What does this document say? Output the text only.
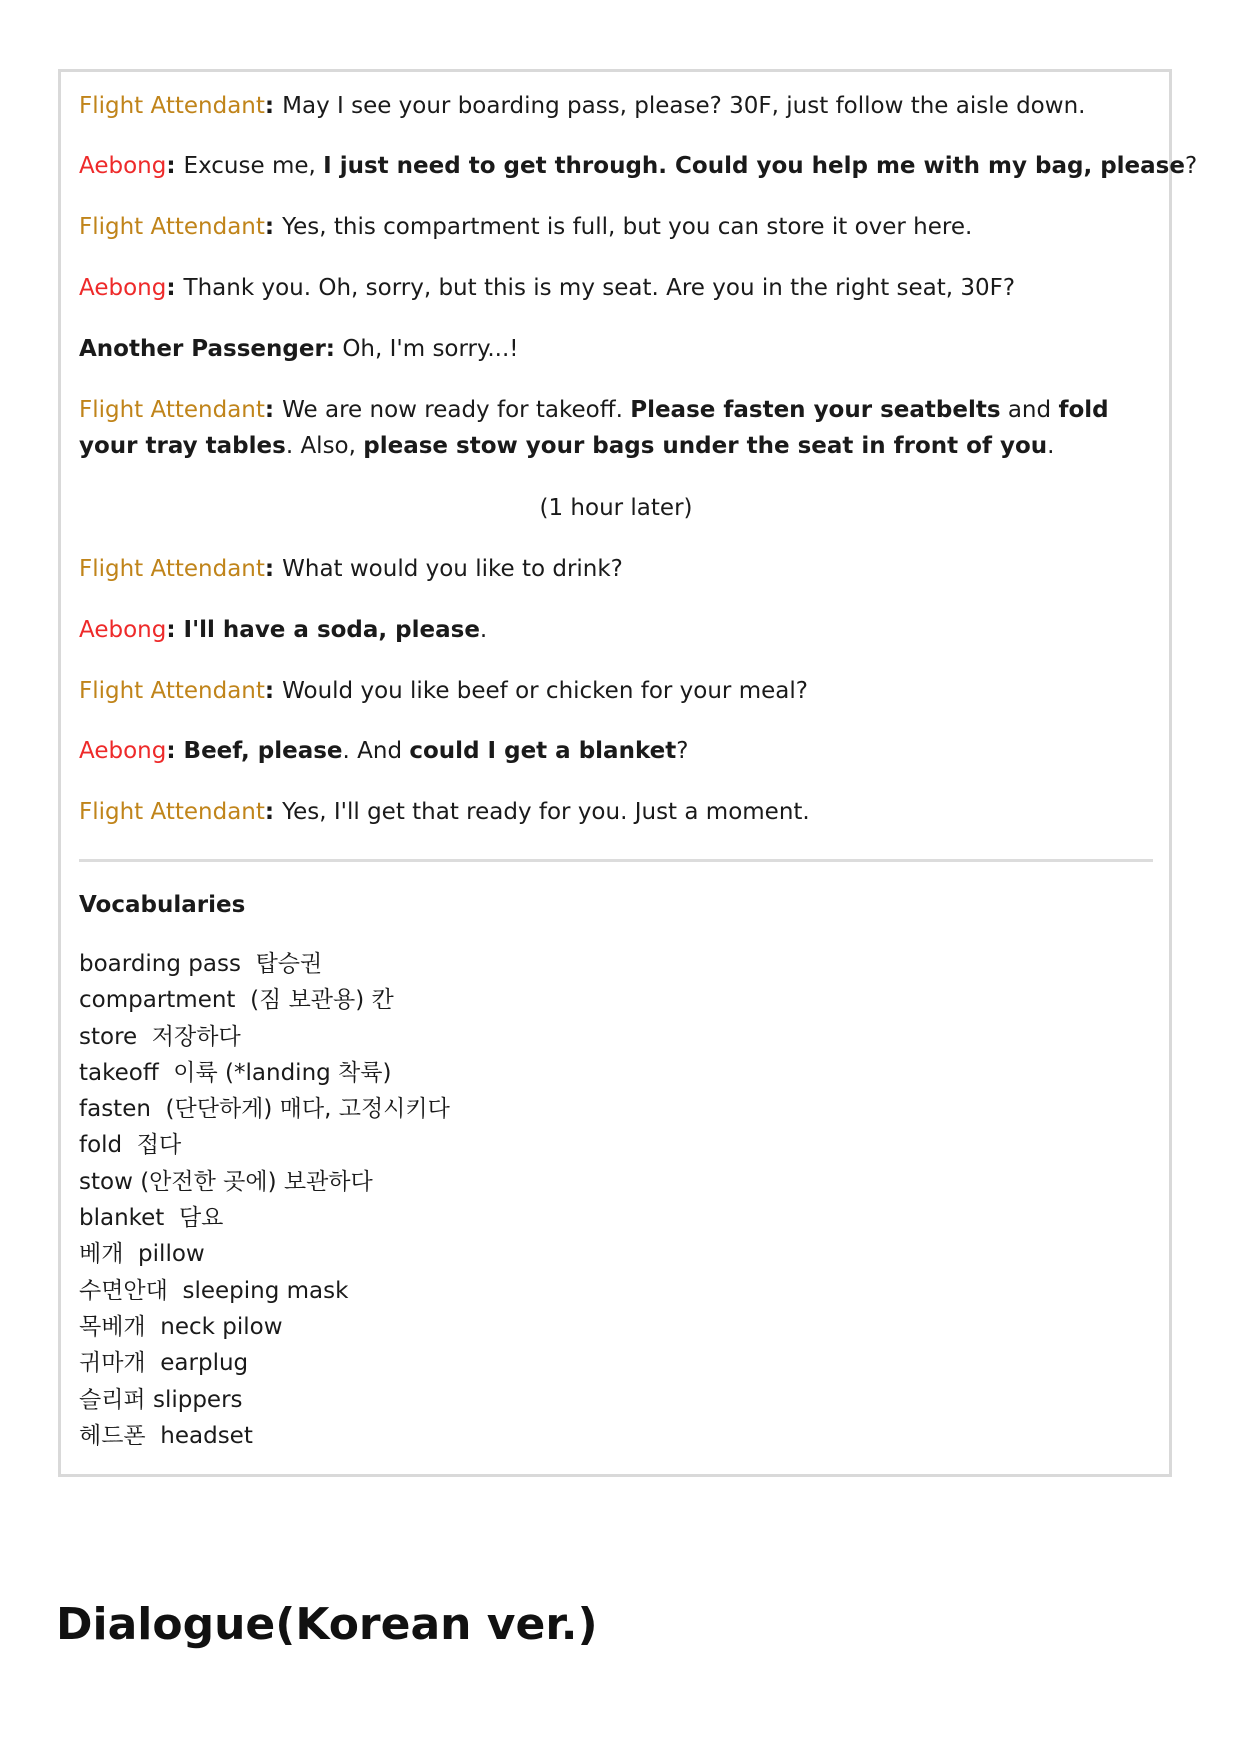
Flight Attendant: May I see your boarding pass, please? 30F, just follow the aisle down.
Aebong: Excuse me, I just need to get through. Could you help me with my bag, please?
Flight Attendant: Yes, this compartment is full, but you can store it over here.
Aebong: Thank you. Oh, sorry, but this is my seat. Are you in the right seat, 30F?
Another Passenger: Oh, I'm sorry...!
Flight Attendant: We are now ready for takeoff. Please fasten your seatbelts and fold your tray tables. Also, please stow your bags under the seat in front of you.
(1 hour later)
Flight Attendant: What would you like to drink?
Aebong: I'll have a soda, please.
Flight Attendant: Would you like beef or chicken for your meal?
Aebong: Beef, please. And could I get a blanket?
Flight Attendant: Yes, I'll get that ready for you. Just a moment.
Vocabularies
boarding pass  탑승권
compartment  (짐 보관용) 칸
store  저장하다
takeoff  이륙 (*landing 착륙)
fasten  (단단하게) 매다, 고정시키다
fold  접다
stow (안전한 곳에) 보관하다
blanket  담요
베개  pillow
수면안대  sleeping mask
목베개  neck pilow
귀마개  earplug
슬리퍼 slippers
헤드폰  headset
Dialogue(Korean ver.)
